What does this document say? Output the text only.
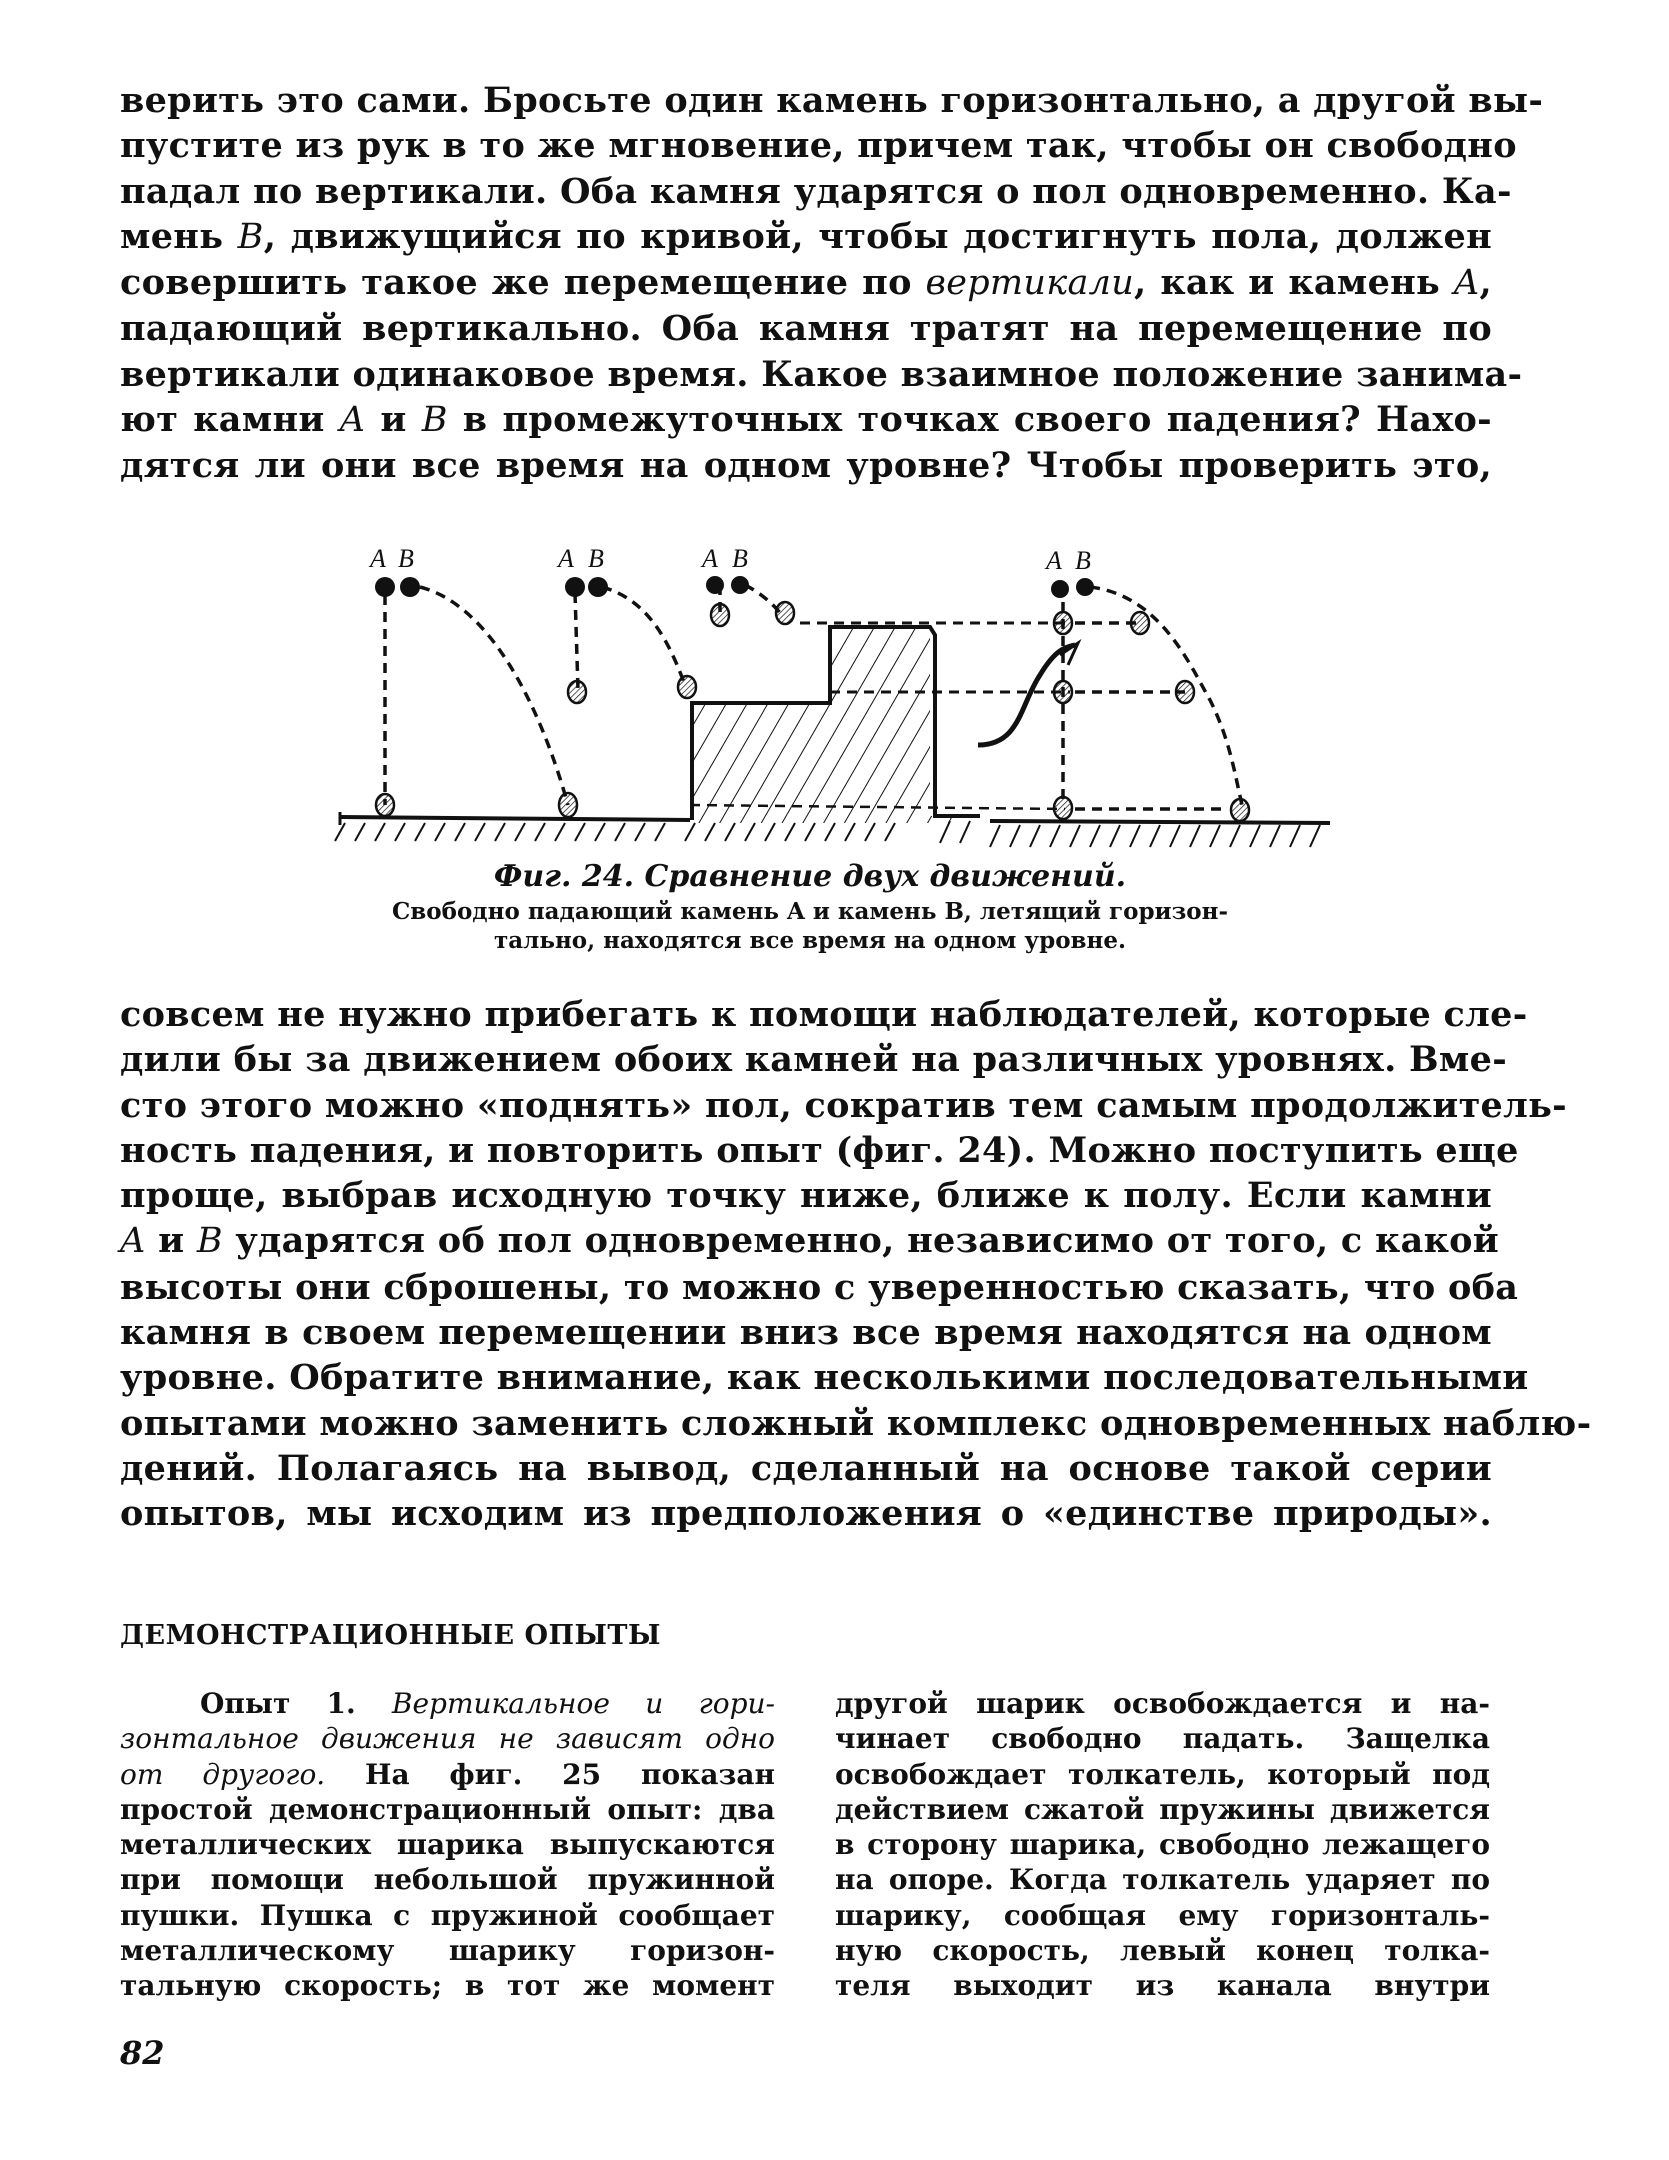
верить это сами. Бросьте один камень горизонтально, а другой вы-
пустите из рук в то же мгновение, причем так, чтобы он свободно
падал по вертикали. Оба камня ударятся о пол одновременно. Ка-
мень B, движущийся по кривой, чтобы достигнуть пола, должен
совершить такое же перемещение по вертикали, как и камень A,
падающий вертикально. Оба камня тратят на перемещение по
вертикали одинаковое время. Какое взаимное положение занима-
ют камни A и B в промежуточных точках своего падения? Нахо-
дятся ли они все время на одном уровне? Чтобы проверить это,
A B	A B	A B	A B
Фиг. 24. Сравнение двух движений.
Свободно падающий камень A и камень B, летящий горизон-
тально, находятся все время на одном уровне.
совсем не нужно прибегать к помощи наблюдателей, которые сле-
дили бы за движением обоих камней на различных уровнях. Вме-
сто этого можно «поднять» пол, сократив тем самым продолжитель-
ность падения, и повторить опыт (фиг. 24). Можно поступить еще
проще, выбрав исходную точку ниже, ближе к полу. Если камни
A и B ударятся об пол одновременно, независимо от того, с какой
высоты они сброшены, то можно с уверенностью сказать, что оба
камня в своем перемещении вниз все время находятся на одном
уровне. Обратите внимание, как несколькими последовательными
опытами можно заменить сложный комплекс одновременных наблю-
дений. Полагаясь на вывод, сделанный на основе такой серии
опытов, мы исходим из предположения о «единстве природы».
ДЕМОНСТРАЦИОННЫЕ ОПЫТЫ
Опыт 1. Вертикальное и гори-
зонтальное движения не зависят одно
от другого. На фиг. 25 показан
простой демонстрационный опыт: два
металлических шарика выпускаются
при помощи небольшой пружинной
пушки. Пушка с пружиной сообщает
металлическому шарику горизон-
тальную скорость; в тот же момент
другой шарик освобождается и на-
чинает свободно падать. Защелка
освобождает толкатель, который под
действием сжатой пружины движется
в сторону шарика, свободно лежащего
на опоре. Когда толкатель ударяет по
шарику, сообщая ему горизонталь-
ную скорость, левый конец толка-
теля выходит из канала внутри
82
